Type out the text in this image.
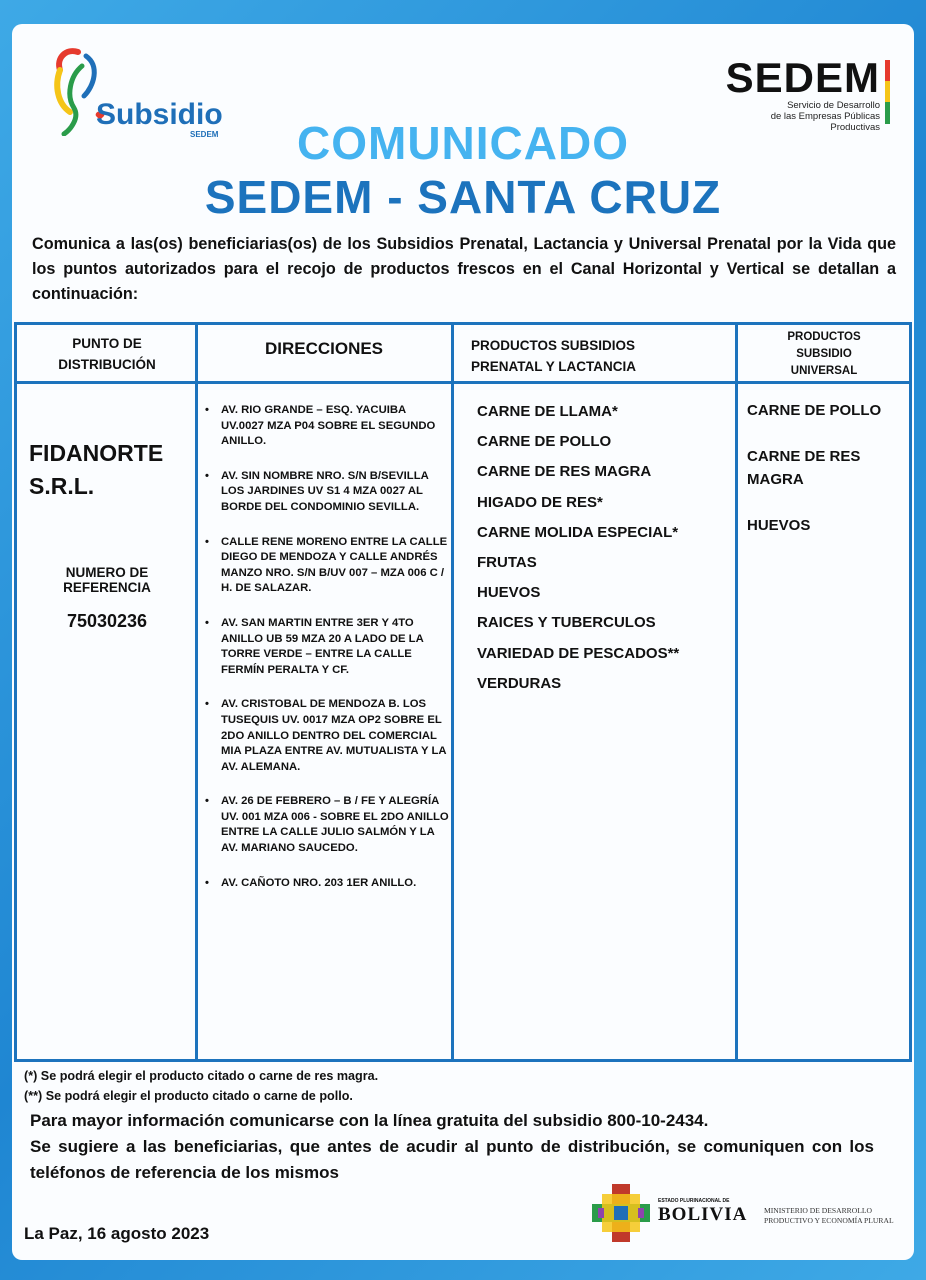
Subsidio
SEDEM
SEDEM
Servicio de Desarrollo
de las Empresas Públicas
Productivas
COMUNICADO
SEDEM - SANTA CRUZ
Comunica a las(os) beneficiarias(os) de los Subsidios Prenatal, Lactancia y Universal Prenatal por la Vida que los puntos autorizados para el recojo de productos frescos en el Canal Horizontal y Vertical se detallan a continuación:
PUNTO DE
DISTRIBUCIÓN
DIRECCIONES	PRODUCTOS SUBSIDIOS
PRENATAL Y LACTANCIA
PRODUCTOS
SUBSIDIO
UNIVERSAL
FIDANORTE
S.R.L.
NUMERO DE
REFERENCIA
75030236
• AV. RIO GRANDE – ESQ. YACUIBA UV.0027 MZA P04 SOBRE EL SEGUNDO ANILLO.
• AV. SIN NOMBRE NRO. S/N B/SEVILLA LOS JARDINES UV S1 4 MZA 0027 AL BORDE DEL CONDOMINIO SEVILLA.
• CALLE RENE MORENO ENTRE LA CALLE DIEGO DE MENDOZA Y CALLE ANDRÉS MANZO NRO. S/N B/UV 007 – MZA 006 C / H. DE SALAZAR.
• AV. SAN MARTIN ENTRE 3ER Y 4TO ANILLO UB 59 MZA 20 A LADO DE LA TORRE VERDE – ENTRE LA CALLE FERMÍN PERALTA Y CF.
• AV. CRISTOBAL DE MENDOZA B. LOS TUSEQUIS UV. 0017 MZA OP2 SOBRE EL 2DO ANILLO DENTRO DEL COMERCIAL MIA PLAZA ENTRE AV. MUTUALISTA Y LA AV. ALEMANA.
• AV. 26 DE FEBRERO – B / FE Y ALEGRÍA UV. 001 MZA 006 - SOBRE EL 2DO ANILLO ENTRE LA CALLE JULIO SALMÓN Y LA AV. MARIANO SAUCEDO.
• AV. CAÑOTO NRO. 203 1ER ANILLO.
CARNE DE LLAMA*
CARNE DE POLLO
CARNE DE RES MAGRA
HIGADO DE RES*
CARNE MOLIDA ESPECIAL*
FRUTAS
HUEVOS
RAICES Y TUBERCULOS
VARIEDAD DE PESCADOS**
VERDURAS
CARNE DE POLLO
CARNE DE RES MAGRA
HUEVOS
(*) Se podrá elegir el producto citado o carne de res magra.
(**) Se podrá elegir el producto citado o carne de pollo.
Para mayor información comunicarse con la línea gratuita del subsidio 800-10-2434.
Se sugiere a las beneficiarias, que antes de acudir al punto de distribución, se comuniquen con los teléfonos de referencia de los mismos
La Paz, 16 agosto 2023
ESTADO PLURINACIONAL DE
BOLIVIA MINISTERIO DE DESARROLLO
PRODUCTIVO Y ECONOMÍA PLURAL
